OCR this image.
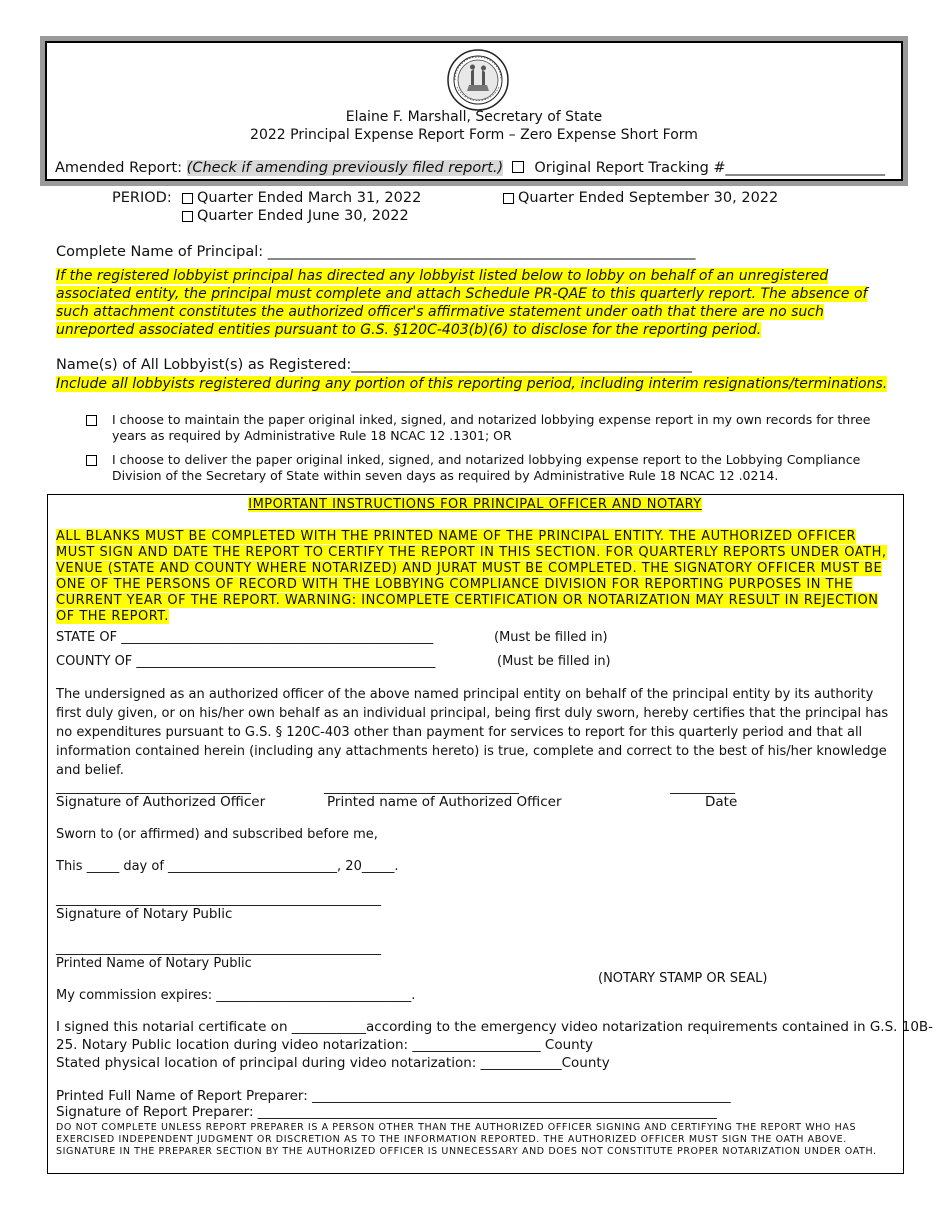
Elaine F. Marshall, Secretary of State
2022 Principal Expense Report Form – Zero Expense Short Form
Amended Report: (Check if amending previously filed report.) Original Report Tracking #______________________
PERIOD:	Quarter Ended March 31, 2022
Quarter Ended June 30, 2022
Quarter Ended September 30, 2022
Complete Name of Principal: ___________________________________________________________
If the registered lobbyist principal has directed any lobbyist listed below to lobby on behalf of an unregistered associated entity, the principal must complete and attach Schedule PR-QAE to this quarterly report. The absence of such attachment constitutes the authorized officer's affirmative statement under oath that there are no such unreported associated entities pursuant to G.S. §120C-403(b)(6) to disclose for the reporting period.
Name(s) of All Lobbyist(s) as Registered:_______________________________________________
Include all lobbyists registered during any portion of this reporting period, including interim resignations/terminations.
I choose to maintain the paper original inked, signed, and notarized lobbying expense report in my own records for three years as required by Administrative Rule 18 NCAC 12 .1301; OR
I choose to deliver the paper original inked, signed, and notarized lobbying expense report to the Lobbying Compliance Division of the Secretary of State within seven days as required by Administrative Rule 18 NCAC 12 .0214.
IMPORTANT INSTRUCTIONS FOR PRINCIPAL OFFICER AND NOTARY
ALL BLANKS MUST BE COMPLETED WITH THE PRINTED NAME OF THE PRINCIPAL ENTITY. THE AUTHORIZED OFFICER MUST SIGN AND DATE THE REPORT TO CERTIFY THE REPORT IN THIS SECTION. FOR QUARTERLY REPORTS UNDER OATH, VENUE (STATE AND COUNTY WHERE NOTARIZED) AND JURAT MUST BE COMPLETED. THE SIGNATORY OFFICER MUST BE ONE OF THE PERSONS OF RECORD WITH THE LOBBYING COMPLIANCE DIVISION FOR REPORTING PURPOSES IN THE CURRENT YEAR OF THE REPORT. WARNING: INCOMPLETE CERTIFICATION OR NOTARIZATION MAY RESULT IN REJECTION OF THE REPORT.
STATE OF ________________________________________________	(Must be filled in)
COUNTY OF ______________________________________________	(Must be filled in)
The undersigned as an authorized officer of the above named principal entity on behalf of the principal entity by its authority first duly given, or on his/her own behalf as an individual principal, being first duly sworn, hereby certifies that the principal has no expenditures pursuant to G.S. § 120C-403 other than payment for services to report for this quarterly period and that all information contained herein (including any attachments hereto) is true, complete and correct to the best of his/her knowledge and belief.
______________________________	______________________________	__________
Signature of Authorized Officer	Printed name of Authorized Officer	Date
Sworn to (or affirmed) and subscribed before me,
This _____ day of __________________________, 20_____.
__________________________________________________
Signature of Notary Public
__________________________________________________
Printed Name of Notary Public
(NOTARY STAMP OR SEAL)
My commission expires: ______________________________.
I signed this notarial certificate on ___________according to the emergency video notarization requirements contained in G.S. 10B-
25. Notary Public location during video notarization: ___________________ County
Stated physical location of principal during video notarization: ____________County
Printed Full Name of Report Preparer: ______________________________________________________________
Signature of Report Preparer: ____________________________________________________________________
DO NOT COMPLETE UNLESS REPORT PREPARER IS A PERSON OTHER THAN THE AUTHORIZED OFFICER SIGNING AND CERTIFYING THE REPORT WHO HAS EXERCISED INDEPENDENT JUDGMENT OR DISCRETION AS TO THE INFORMATION REPORTED. THE AUTHORIZED OFFICER MUST SIGN THE OATH ABOVE. SIGNATURE IN THE PREPARER SECTION BY THE AUTHORIZED OFFICER IS UNNECESSARY AND DOES NOT CONSTITUTE PROPER NOTARIZATION UNDER OATH.
